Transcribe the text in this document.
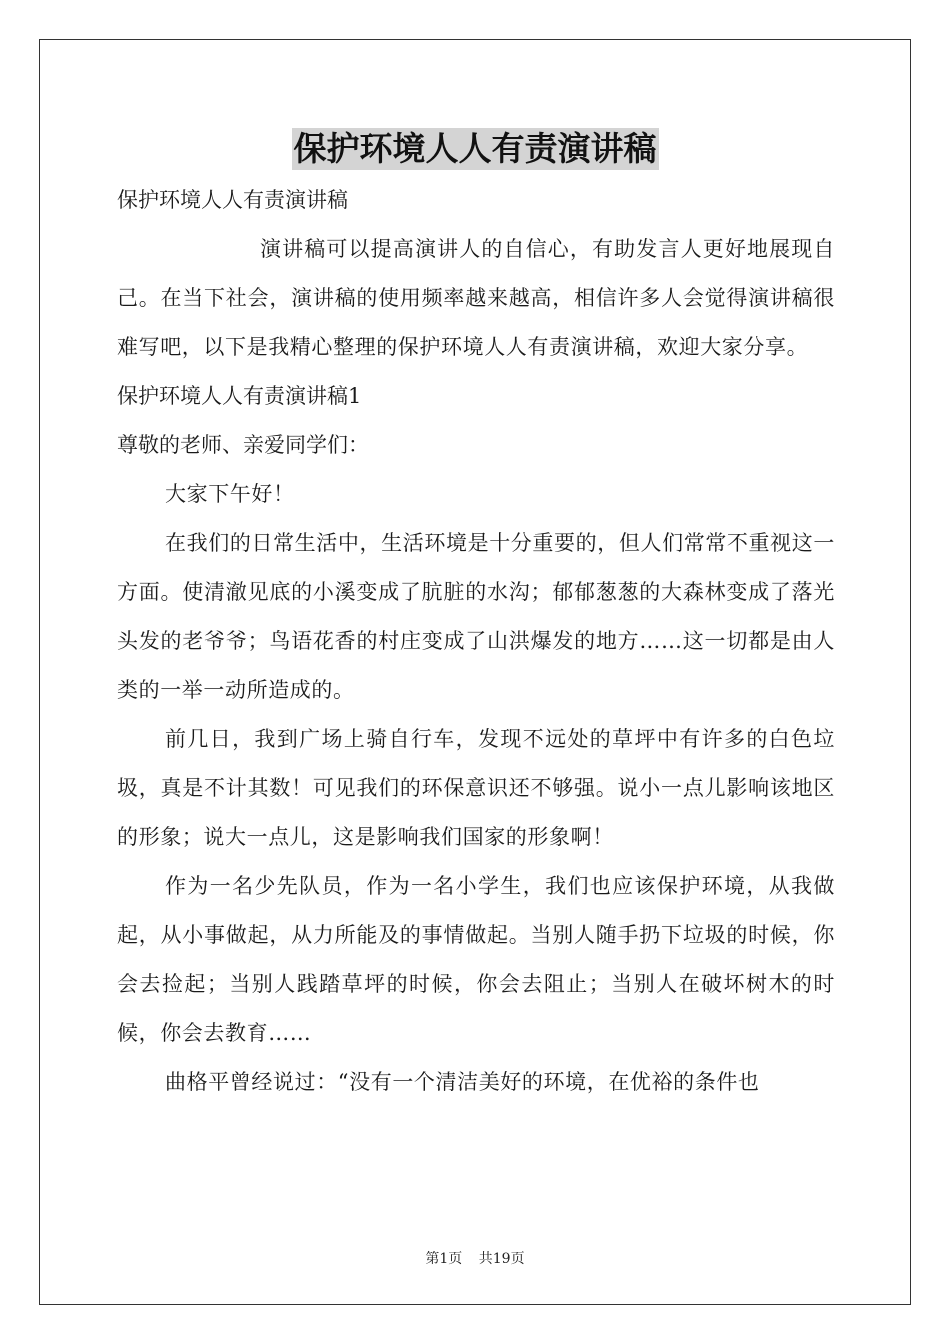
保护环境人人有责演讲稿
保护环境人人有责演讲稿
演讲稿可以提高演讲人的自信心，有助发言人更好地展现自己。在当下社会，演讲稿的使用频率越来越高，相信许多人会觉得演讲稿很难写吧，以下是我精心整理的保护环境人人有责演讲稿，欢迎大家分享。
保护环境人人有责演讲稿1
尊敬的老师、亲爱同学们：
大家下午好！
在我们的日常生活中，生活环境是十分重要的，但人们常常不重视这一方面。使清澈见底的小溪变成了肮脏的水沟；郁郁葱葱的大森林变成了落光头发的老爷爷；鸟语花香的村庄变成了山洪爆发的地方……这一切都是由人类的一举一动所造成的。
前几日，我到广场上骑自行车，发现不远处的草坪中有许多的白色垃圾，真是不计其数！可见我们的环保意识还不够强。说小一点儿影响该地区的形象；说大一点儿，这是影响我们国家的形象啊！
作为一名少先队员，作为一名小学生，我们也应该保护环境，从我做起，从小事做起，从力所能及的事情做起。当别人随手扔下垃圾的时候，你会去捡起；当别人践踏草坪的时候，你会去阻止；当别人在破坏树木的时候，你会去教育……
曲格平曾经说过：“没有一个清洁美好的环境，在优裕的条件也
第1页 共19页
